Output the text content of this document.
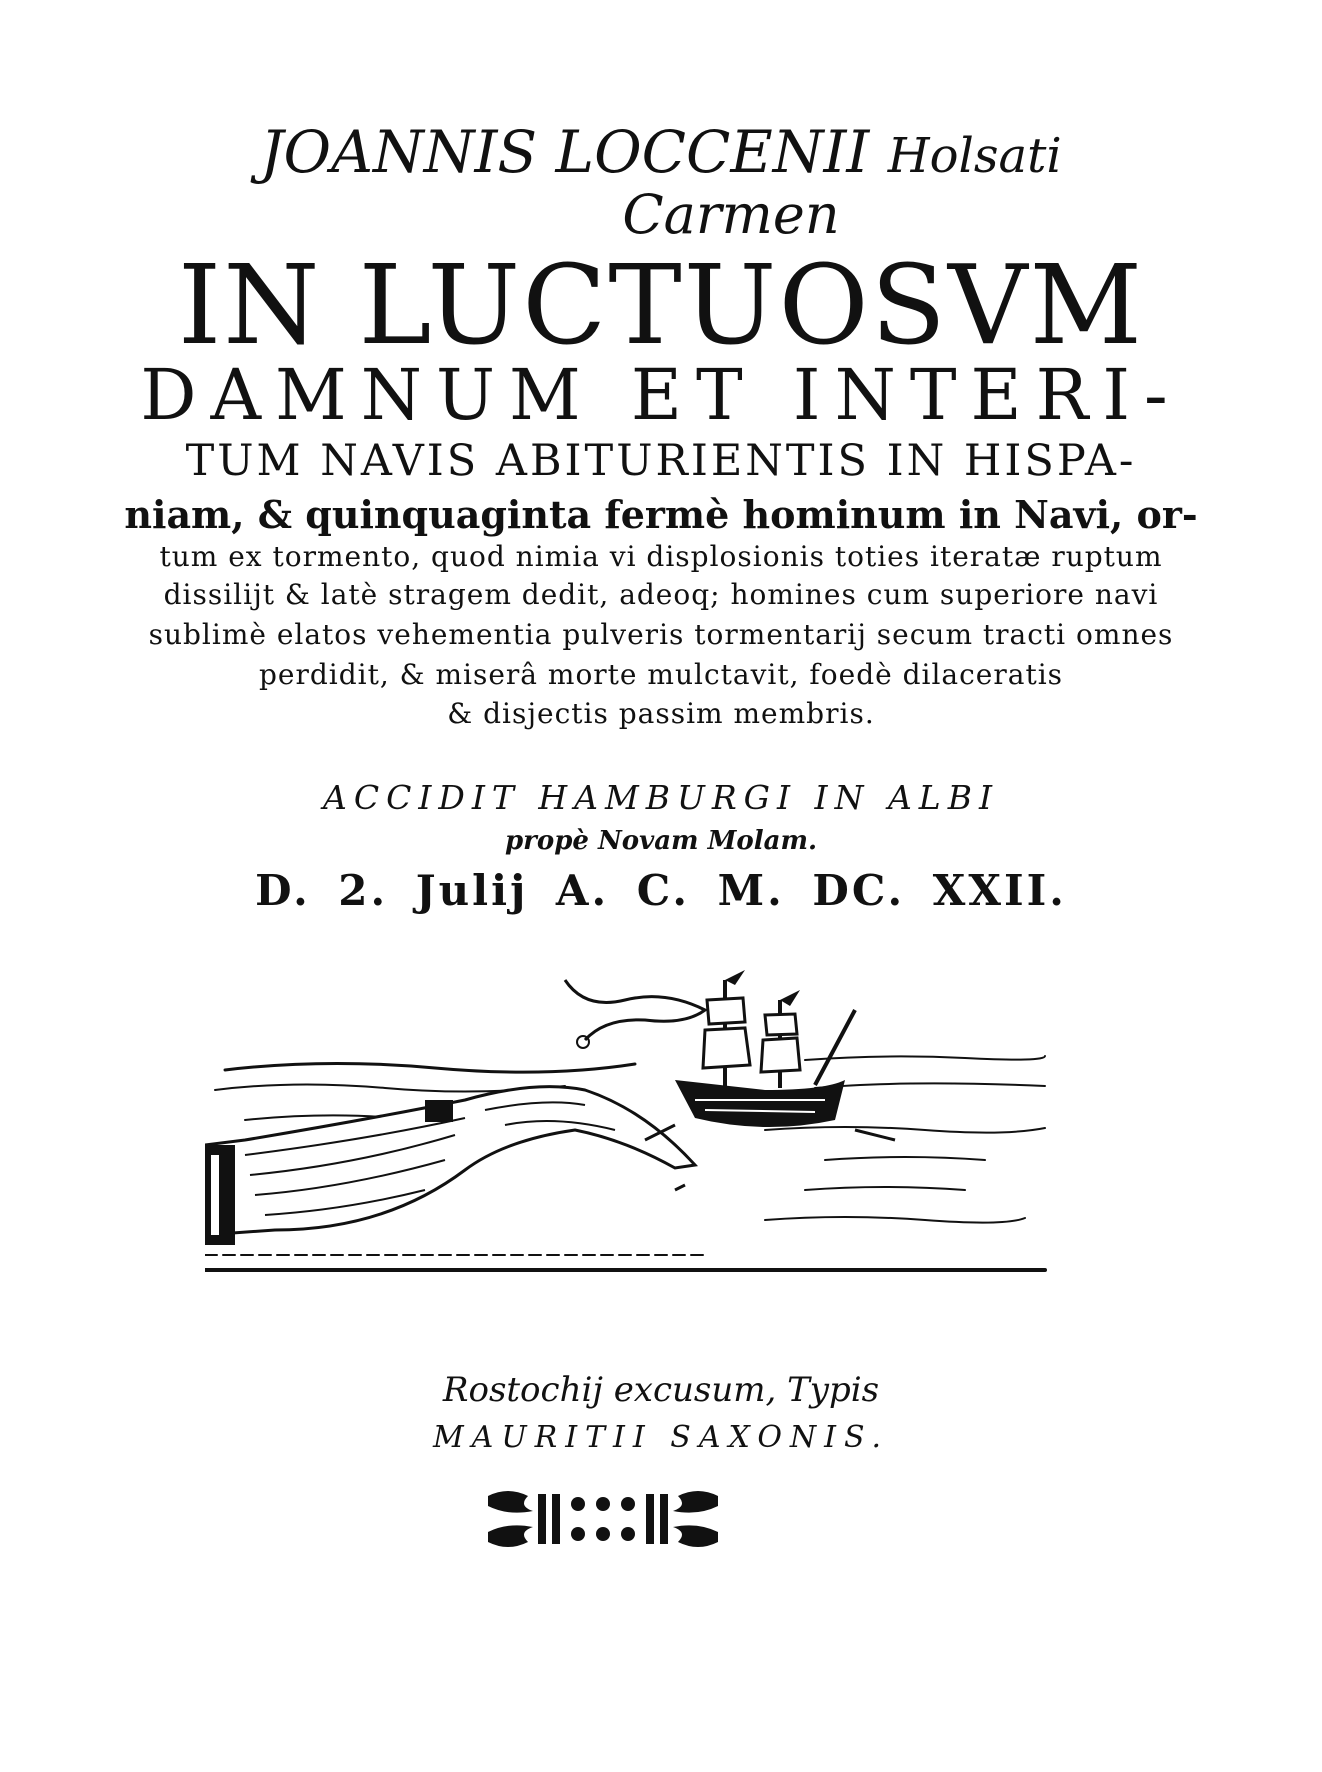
JOANNIS LOCCENII Holsati
Carmen
IN LUCTUOSVM
DAMNUM ET INTERI-
TUM NAVIS ABITURIENTIS IN HISPA-
niam, & quinquaginta fermè hominum in Navi, or-
tum ex tormento, quod nimia vi displosionis toties iteratæ ruptum
dissilijt & latè stragem dedit, adeoq; homines cum superiore navi
sublimè elatos vehementia pulveris tormentarij secum tracti omnes
perdidit, & miserâ morte mulctavit, foedè dilaceratis
& disjectis passim membris.
ACCIDIT HAMBURGI IN ALBI
propè Novam Molam.
D. 2. Julij A. C. M. DC. XXII.
Rostochij excusum, Typis
MAURITII SAXONIS.
